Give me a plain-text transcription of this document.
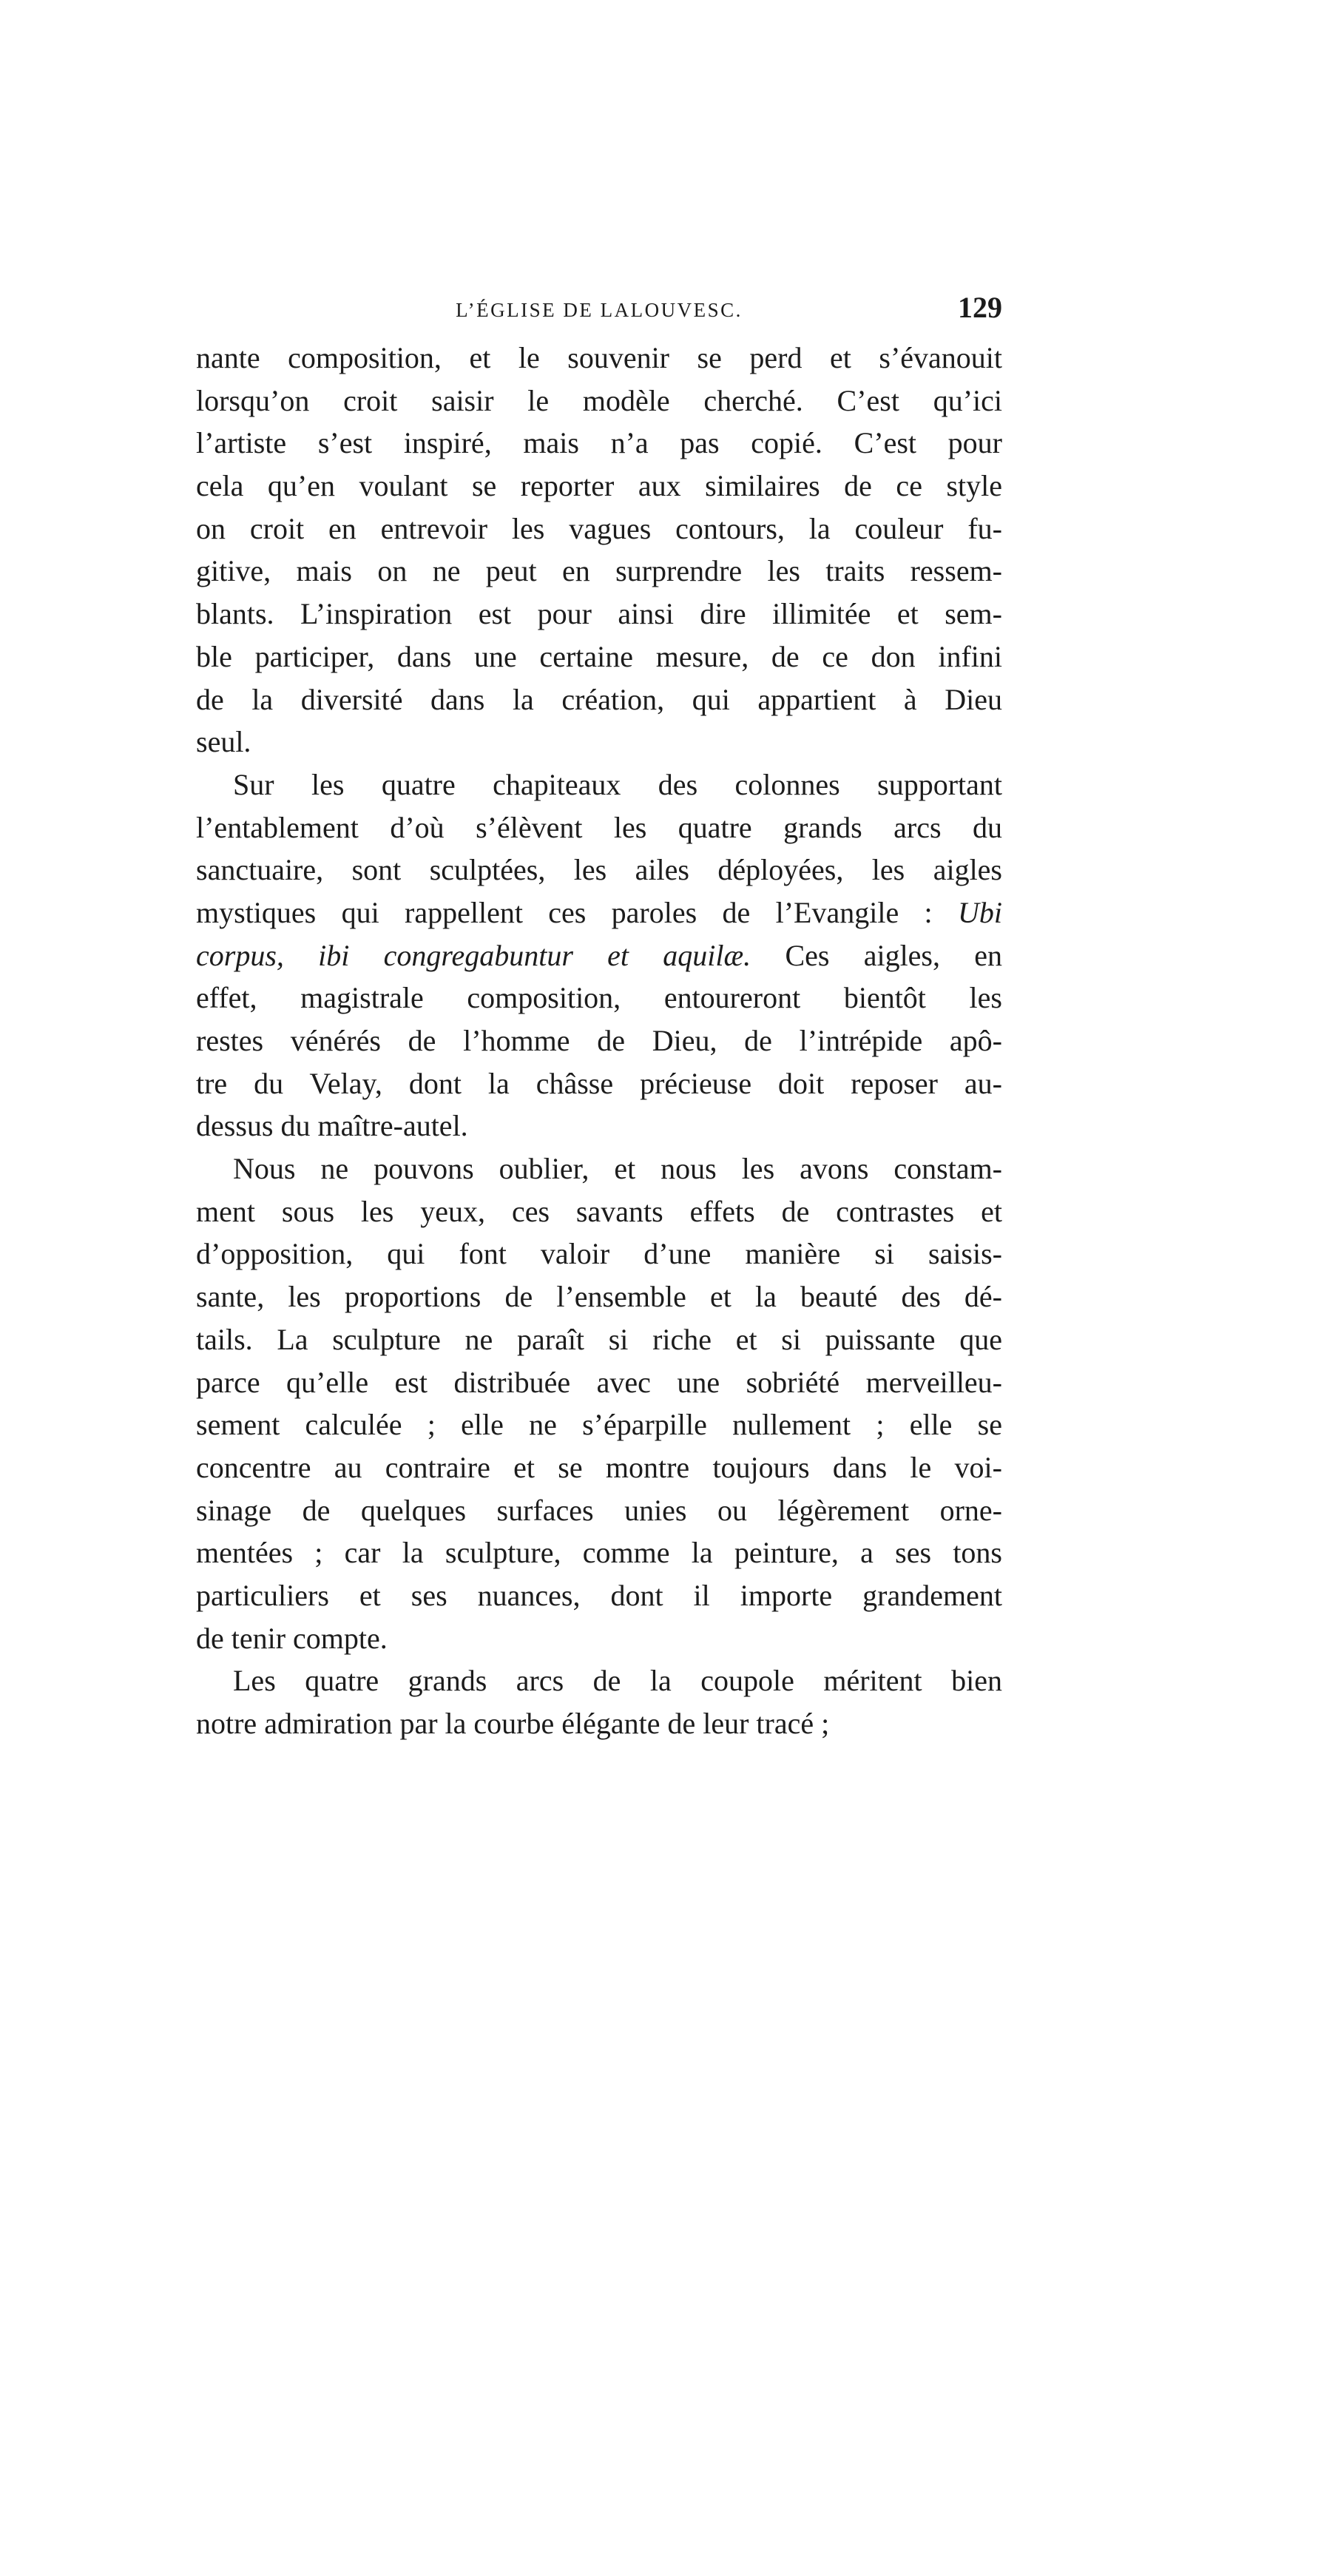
L’ÉGLISE DE LALOUVESC.	129
nante composition, et le souvenir se perd et s’évanouit
lorsqu’on croit saisir le modèle cherché. C’est qu’ici
l’artiste s’est inspiré, mais n’a pas copié. C’est pour
cela qu’en voulant se reporter aux similaires de ce style
on croit en entrevoir les vagues contours, la couleur fu-
gitive, mais on ne peut en surprendre les traits ressem-
blants. L’inspiration est pour ainsi dire illimitée et sem-
ble participer, dans une certaine mesure, de ce don infini
de la diversité dans la création, qui appartient à Dieu
seul.
Sur les quatre chapiteaux des colonnes supportant
l’entablement d’où s’élèvent les quatre grands arcs du
sanctuaire, sont sculptées, les ailes déployées, les aigles
mystiques qui rappellent ces paroles de l’Evangile : Ubi
corpus, ibi congregabuntur et aquilæ. Ces aigles, en
effet, magistrale composition, entoureront bientôt les
restes vénérés de l’homme de Dieu, de l’intrépide apô-
tre du Velay, dont la châsse précieuse doit reposer au-
dessus du maître-autel.
Nous ne pouvons oublier, et nous les avons constam-
ment sous les yeux, ces savants effets de contrastes et
d’opposition, qui font valoir d’une manière si saisis-
sante, les proportions de l’ensemble et la beauté des dé-
tails. La sculpture ne paraît si riche et si puissante que
parce qu’elle est distribuée avec une sobriété merveilleu-
sement calculée ; elle ne s’éparpille nullement ; elle se
concentre au contraire et se montre toujours dans le voi-
sinage de quelques surfaces unies ou légèrement orne-
mentées ; car la sculpture, comme la peinture, a ses tons
particuliers et ses nuances, dont il importe grandement
de tenir compte.
Les quatre grands arcs de la coupole méritent bien
notre admiration par la courbe élégante de leur tracé ;
